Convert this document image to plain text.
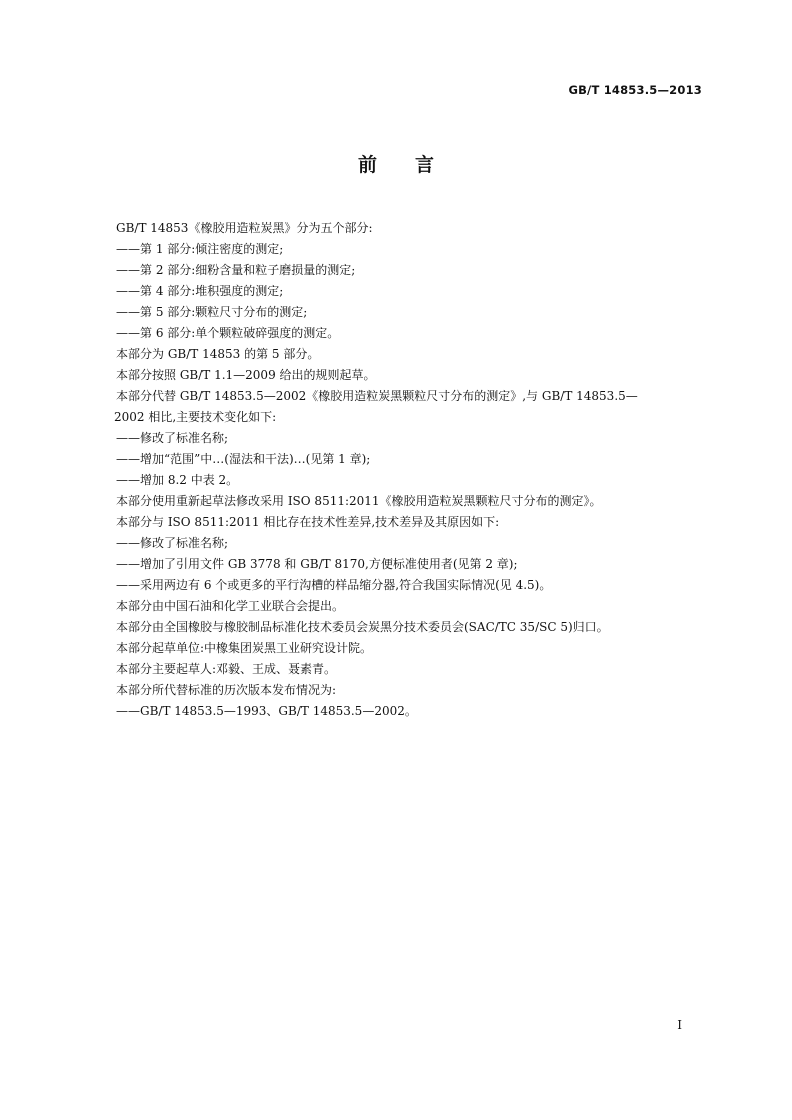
GB/T 14853.5—2013
前言

GB/T 14853《橡胶用造粒炭黑》分为五个部分:

——第 1 部分:倾注密度的测定;

——第 2 部分:细粉含量和粒子磨损量的测定;

——第 4 部分:堆积强度的测定;

——第 5 部分:颗粒尺寸分布的测定;

——第 6 部分:单个颗粒破碎强度的测定。

本部分为 GB/T 14853 的第 5 部分。

本部分按照 GB/T 1.1—2009 给出的规则起草。

本部分代替 GB/T 14853.5—2002《橡胶用造粒炭黑颗粒尺寸分布的测定》,与 GB/T 14853.5—

2002 相比,主要技术变化如下:

——修改了标准名称;

——增加“范围”中…(湿法和干法)…(见第 1 章);

——增加 8.2 中表 2。

本部分使用重新起草法修改采用 ISO 8511:2011《橡胶用造粒炭黑颗粒尺寸分布的测定》。

本部分与 ISO 8511:2011 相比存在技术性差异,技术差异及其原因如下:

——修改了标准名称;

——增加了引用文件 GB 3778 和 GB/T 8170,方便标准使用者(见第 2 章);

——采用两边有 6 个或更多的平行沟槽的样品缩分器,符合我国实际情况(见 4.5)。

本部分由中国石油和化学工业联合会提出。

本部分由全国橡胶与橡胶制品标准化技术委员会炭黑分技术委员会(SAC/TC 35/SC 5)归口。

本部分起草单位:中橡集团炭黑工业研究设计院。

本部分主要起草人:邓毅、王成、聂素青。

本部分所代替标准的历次版本发布情况为:

——GB/T 14853.5—1993、GB/T 14853.5—2002。

I
